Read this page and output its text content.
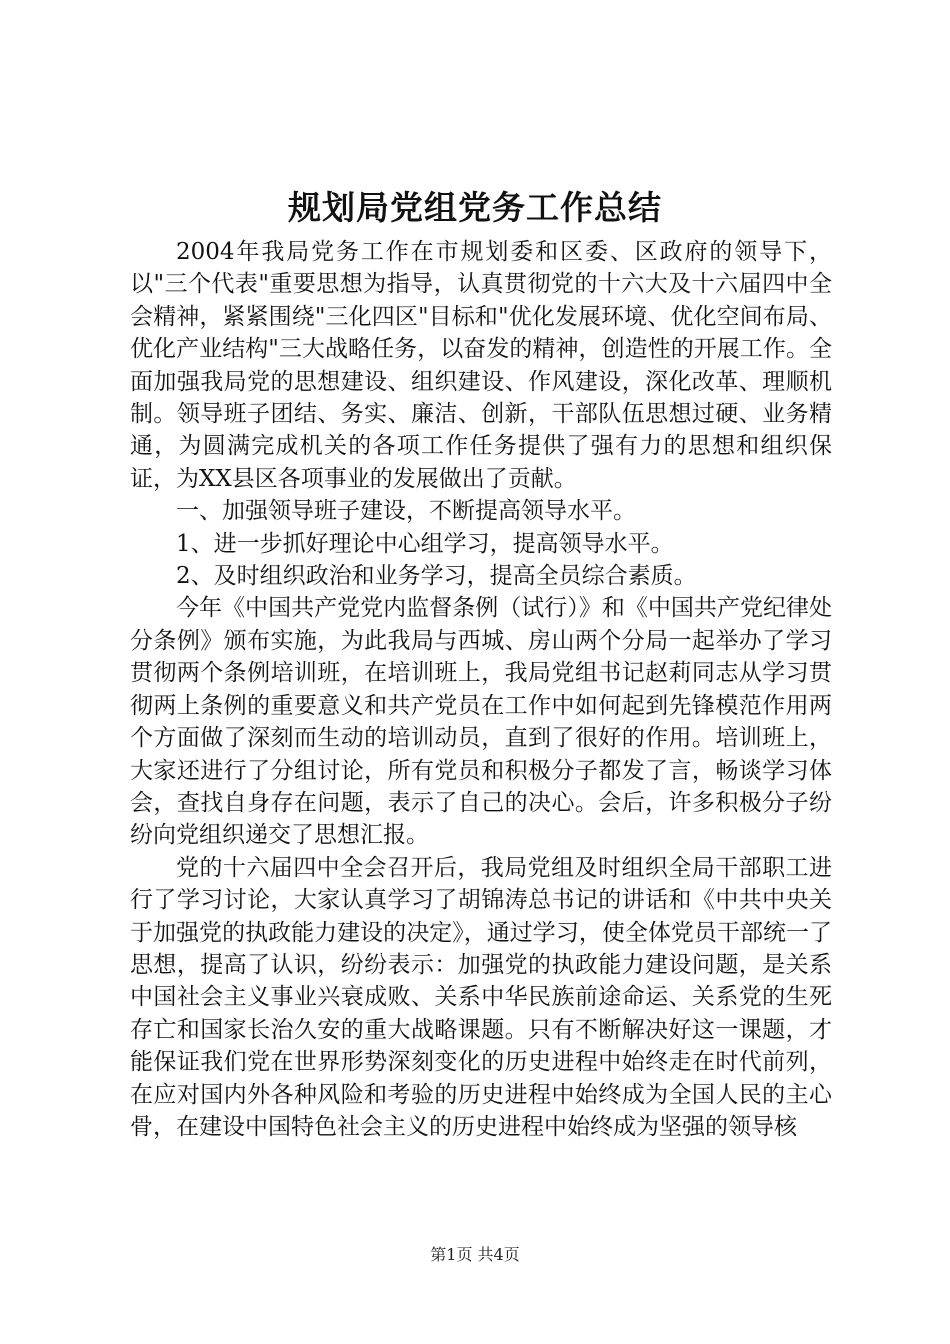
规划局党组党务工作总结

2004年我局党务工作在市规划委和区委、区政府的领导下，以"三个代表"重要思想为指导，认真贯彻党的十六大及十六届四中全会精神，紧紧围绕"三化四区"目标和"优化发展环境、优化空间布局、优化产业结构"三大战略任务，以奋发的精神，创造性的开展工作。全面加强我局党的思想建设、组织建设、作风建设，深化改革、理顺机制。领导班子团结、务实、廉洁、创新，干部队伍思想过硬、业务精通，为圆满完成机关的各项工作任务提供了强有力的思想和组织保证，为XX县区各项事业的发展做出了贡献。

一、加强领导班子建设，不断提高领导水平。

1、进一步抓好理论中心组学习，提高领导水平。

2、及时组织政治和业务学习，提高全员综合素质。

今年《中国共产党党内监督条例（试行）》和《中国共产党纪律处分条例》颁布实施，为此我局与西城、房山两个分局一起举办了学习贯彻两个条例培训班，在培训班上，我局党组书记赵莉同志从学习贯彻两上条例的重要意义和共产党员在工作中如何起到先锋模范作用两个方面做了深刻而生动的培训动员，直到了很好的作用。培训班上，大家还进行了分组讨论，所有党员和积极分子都发了言，畅谈学习体会，查找自身存在问题，表示了自己的决心。会后，许多积极分子纷纷向党组织递交了思想汇报。

党的十六届四中全会召开后，我局党组及时组织全局干部职工进行了学习讨论，大家认真学习了胡锦涛总书记的讲话和《中共中央关于加强党的执政能力建设的决定》，通过学习，使全体党员干部统一了思想，提高了认识，纷纷表示：加强党的执政能力建设问题，是关系中国社会主义事业兴衰成败、关系中华民族前途命运、关系党的生死存亡和国家长治久安的重大战略课题。只有不断解决好这一课题，才能保证我们党在世界形势深刻变化的历史进程中始终走在时代前列，在应对国内外各种风险和考验的历史进程中始终成为全国人民的主心骨，在建设中国特色社会主义的历史进程中始终成为坚强的领导核

第1页 共4页
